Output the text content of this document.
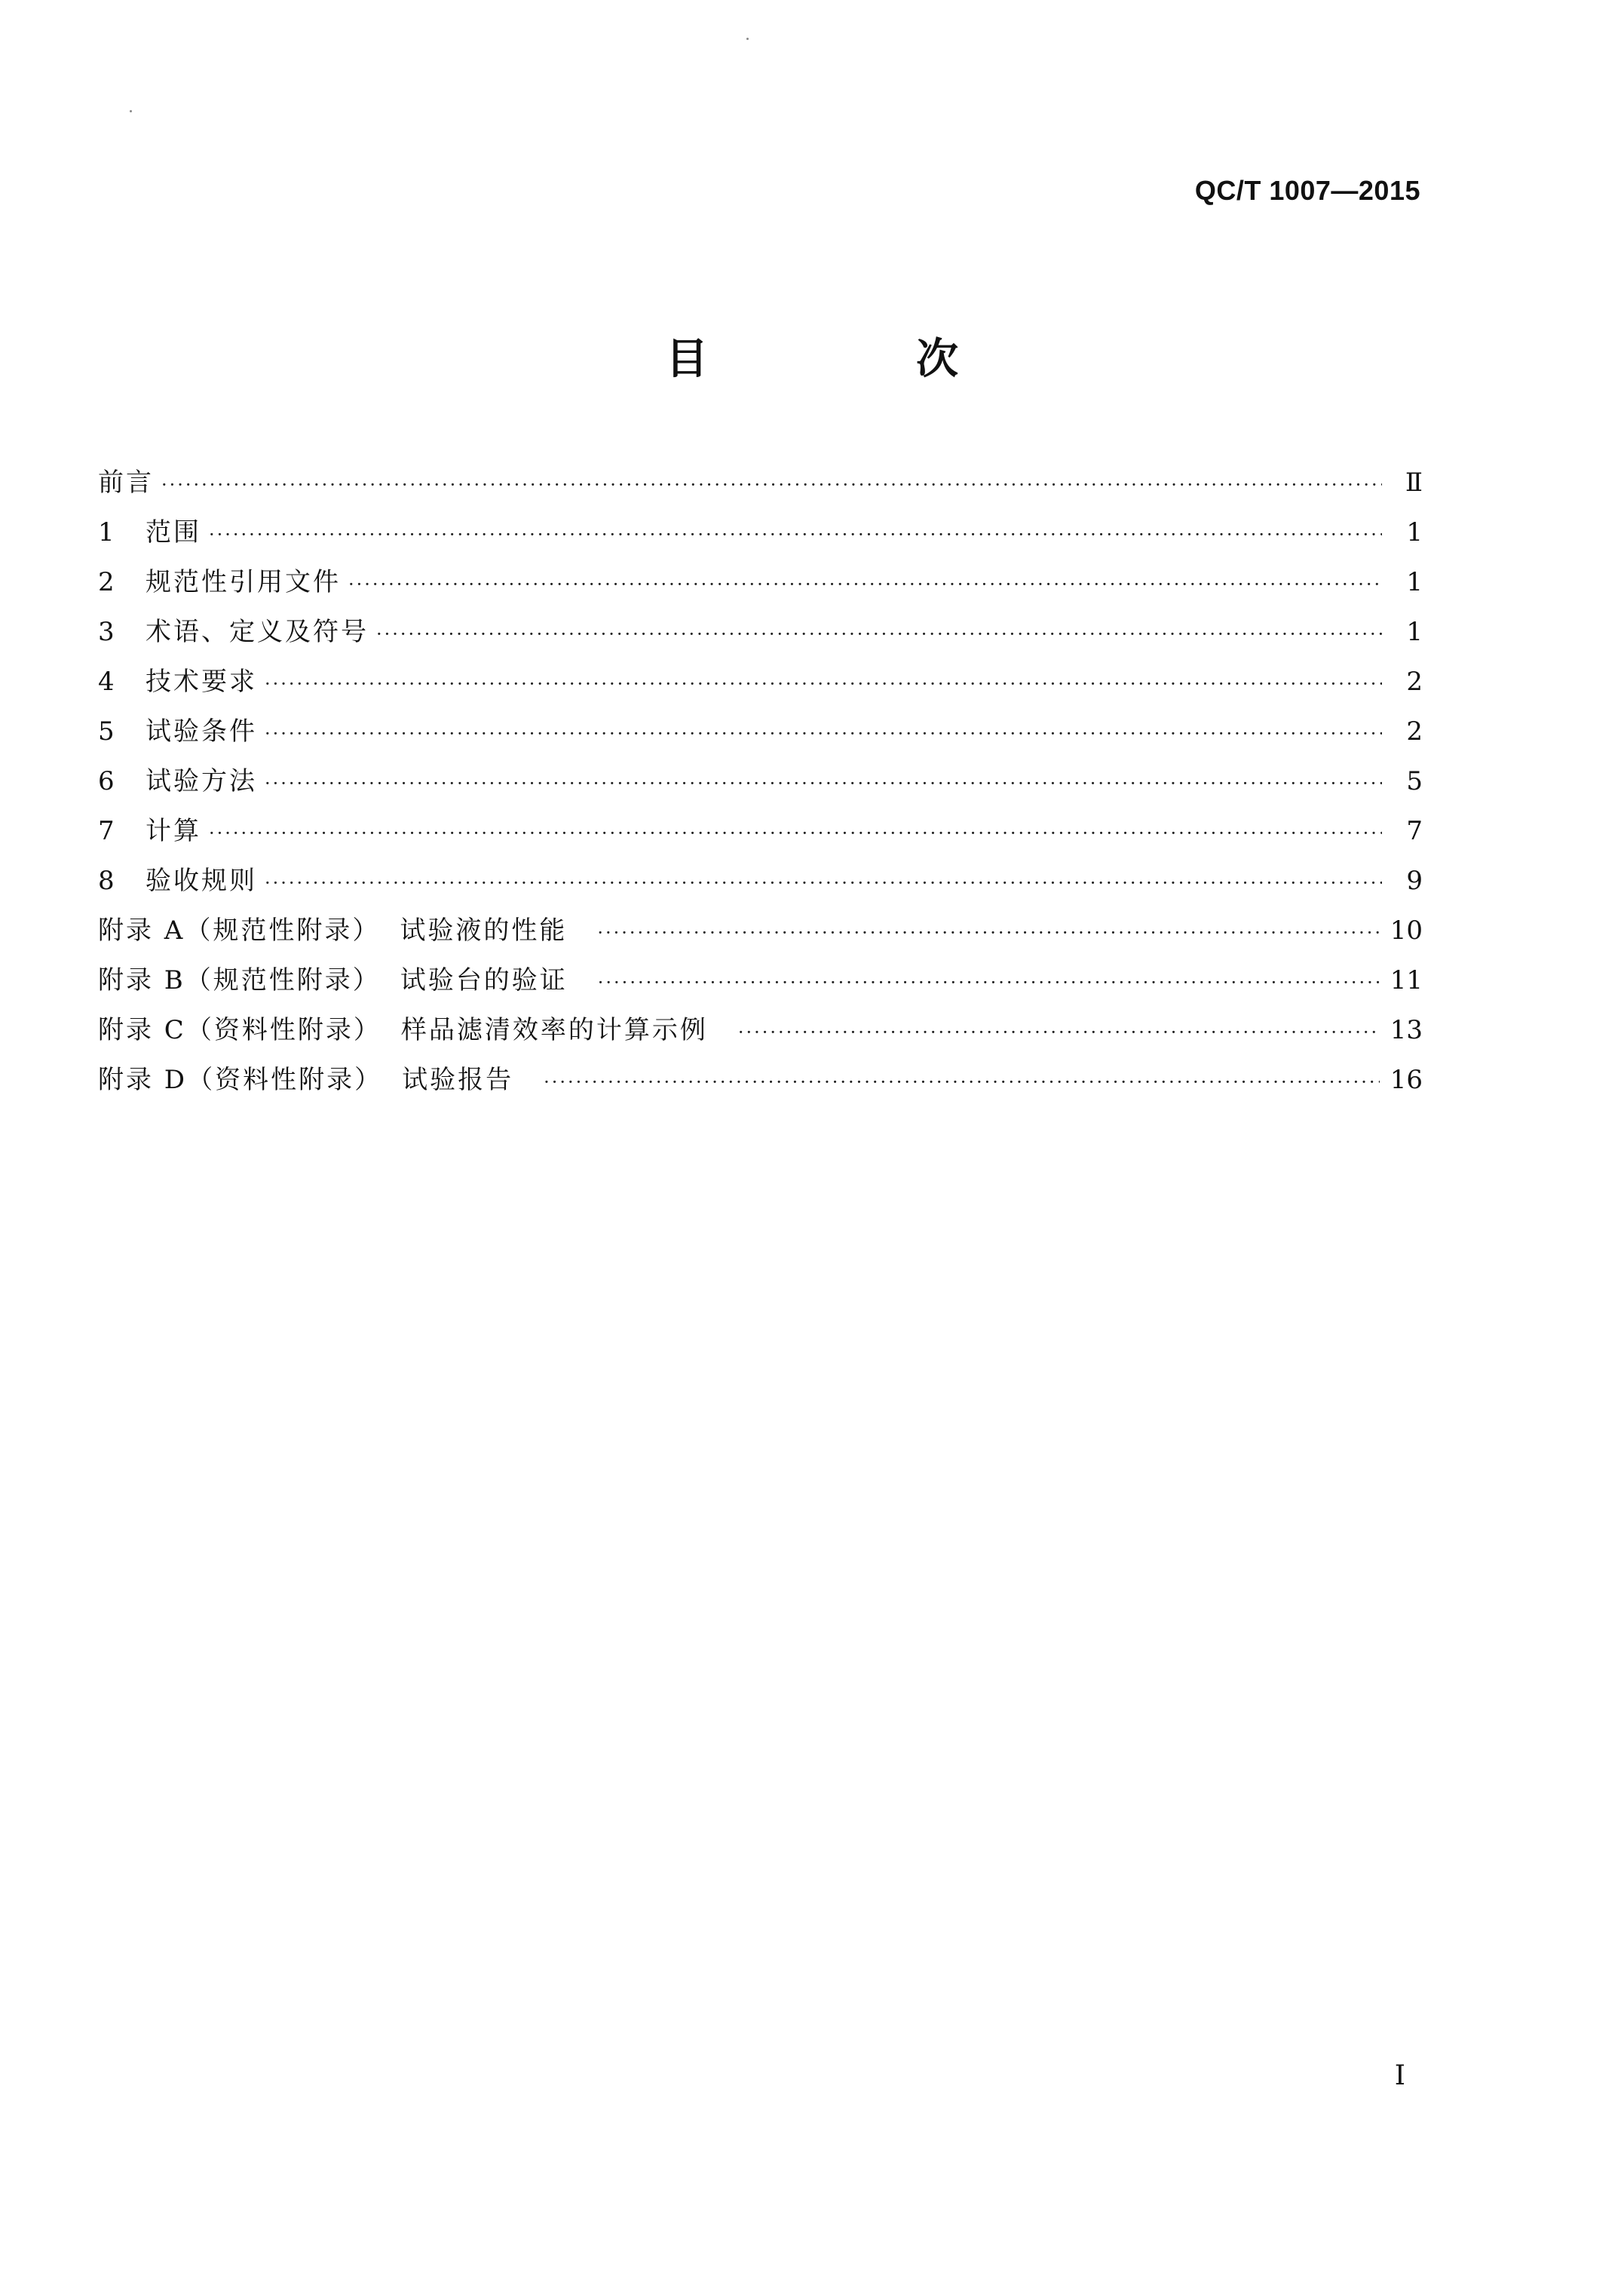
QC/T 1007—2015
目　次
前言 ·····	Ⅱ
1	范围 ·····	1
2	规范性引用文件 ·····	1
3	术语、定义及符号 ·····	1
4	技术要求 ·····	2
5	试验条件 ·····	2
6	试验方法 ·····	5
7	计算 ·····	7
8	验收规则 ·····	9
附录 A（规范性附录） 试验液的性能 ·····	10
附录 B（规范性附录） 试验台的验证 ·····	11
附录 C（资料性附录） 样品滤清效率的计算示例 ·····	13
附录 D（资料性附录） 试验报告 ·····	16
Ⅰ
